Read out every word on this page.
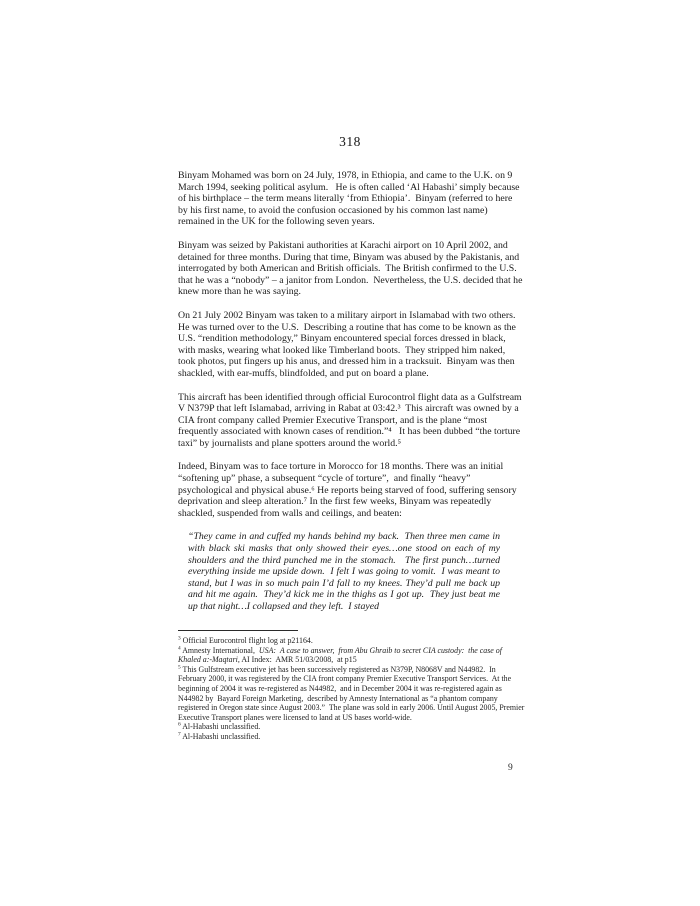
318

Binyam Mohamed was born on 24 July, 1978, in Ethiopia, and came to the U.K. on 9 March 1994, seeking political asylum.   He is often called ‘Al Habashi’ simply because of his birthplace – the term means literally ‘from Ethiopia’.  Binyam (referred to here by his first name, to avoid the confusion occasioned by his common last name) remained in the UK for the following seven years.

Binyam was seized by Pakistani authorities at Karachi airport on 10 April 2002, and detained for three months. During that time, Binyam was abused by the Pakistanis, and interrogated by both American and British officials.  The British confirmed to the U.S. that he was a “nobody” – a janitor from London.  Nevertheless, the U.S. decided that he knew more than he was saying.

On 21 July 2002 Binyam was taken to a military airport in Islamabad with two others. He was turned over to the U.S.  Describing a routine that has come to be known as the U.S. “rendition methodology,” Binyam encountered special forces dressed in black, with masks, wearing what looked like Timberland boots.  They stripped him naked, took photos, put fingers up his anus, and dressed him in a tracksuit.  Binyam was then shackled, with ear-muffs, blindfolded, and put on board a plane.

This aircraft has been identified through official Eurocontrol flight data as a Gulfstream V N379P that left Islamabad, arriving in Rabat at 03:42.³  This aircraft was owned by a CIA front company called Premier Executive Transport, and is the plane “most frequently associated with known cases of rendition.”⁴   It has been dubbed “the torture taxi” by journalists and plane spotters around the world.⁵

Indeed, Binyam was to face torture in Morocco for 18 months. There was an initial “softening up” phase, a subsequent “cycle of torture”,  and finally “heavy” psychological and physical abuse.⁶ He reports being starved of food, suffering sensory deprivation and sleep alteration.⁷ In the first few weeks, Binyam was repeatedly shackled, suspended from walls and ceilings, and beaten:

“They came in and cuffed my hands behind my back.  Then three men came in with black ski masks that only showed their eyes…one stood on each of my shoulders and the third punched me in the stomach.   The first punch…turned everything inside me upside down.  I felt I was going to vomit.  I was meant to stand, but I was in so much pain I’d fall to my knees. They’d pull me back up and hit me again.  They’d kick me in the thighs as I got up.  They just beat me up that night…I collapsed and they left.  I stayed
$^3$ Official Eurocontrol flight log at p21164.
$^4$ Amnesty International,  USA:  A case to answer,  from Abu Ghraib to secret CIA custody:  the case of Khaled a:-Maqtari, AI Index:  AMR 51/03/2008,  at p15
$^5$ This Gulfstream executive jet has been successively registered as N379P, N8068V and N44982.  In February 2000, it was registered by the CIA front company Premier Executive Transport Services.  At the beginning of 2004 it was re-registered as N44982,  and in December 2004 it was re-registered again as N44982 by  Bayard Foreign Marketing,  described by Amnesty International as “a phantom company registered in Oregon state since August 2003.”  The plane was sold in early 2006. Until August 2005, Premier Executive Transport planes were licensed to land at US bases world-wide.
$^6$ Al-Habashi unclassified.
$^7$ Al-Habashi unclassified.
9
